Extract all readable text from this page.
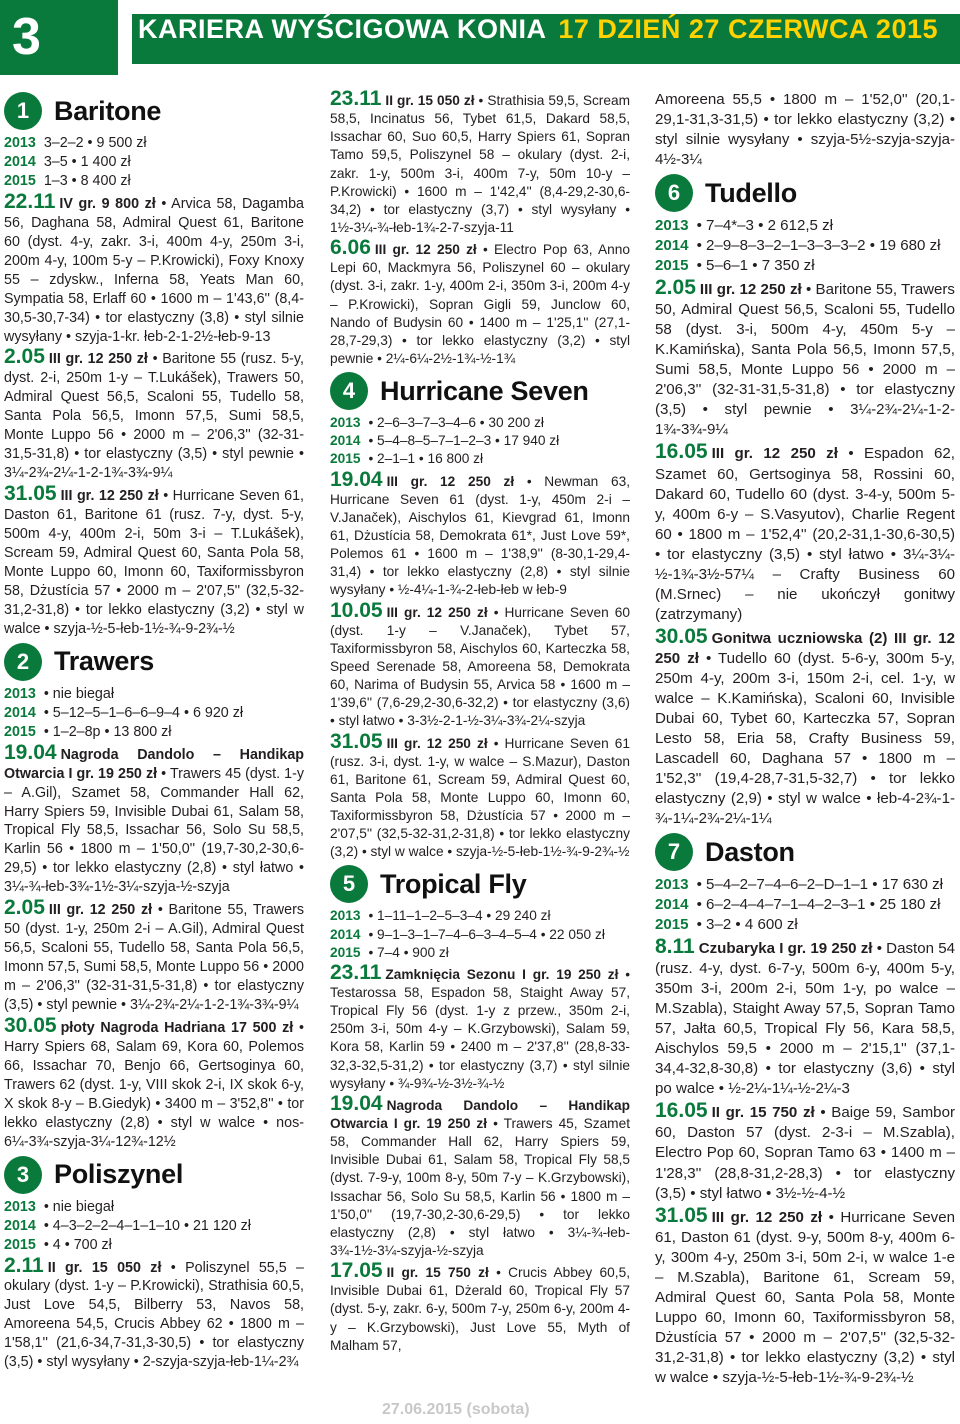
3	KARIERA WYŚCIGOWA KONIA 17 DZIEŃ 27 CZERWCA 2015
1 Baritone
2013 3–2–2 • 9 500 zł
2014 3–5 • 1 400 zł
2015 1–3 • 8 400 zł
22.11 IV gr. 9 800 zł • Arvica 58, Dagamba 56, Daghana 58, Admiral Quest 61, Baritone 60 (dyst. 4-y, zakr. 3-i, 400m 4-y, 250m 3-i, 200m 4-y, 100m 5-y – P.Krowicki), Foxy Knoxy 55 – zdyskw., Inferna 58, Yeats Man 60, Sympatia 58, Erlaff 60 • 1600 m – 1'43,6'' (8,4-30,5-30,7-34) • tor elastyczny (3,8) • styl silnie wysyłany • szyja-1-kr. łeb-2-1-2½-łeb-9-13
2.05 III gr. 12 250 zł • Baritone 55 (rusz. 5-y, dyst. 2-i, 250m 1-y – T.Lukášek), Trawers 50, Admiral Quest 56,5, Scaloni 55, Tudello 58, Santa Pola 56,5, Imonn 57,5, Sumi 58,5, Monte Luppo 56 • 2000 m – 2'06,3'' (32-31-31,5-31,8) • tor elastyczny (3,5) • styl pewnie • 3¼-2¾-2¼-1-2-1¾-3¾-9¼
31.05 III gr. 12 250 zł • Hurricane Seven 61, Daston 61, Baritone 61 (rusz. 7-y, dyst. 5-y, 500m 4-y, 400m 2-i, 50m 3-i – T.Lukášek), Scream 59, Admiral Quest 60, Santa Pola 58, Monte Luppo 60, Imonn 60, Taxiformissbyron 58, Dżustícia 57 • 2000 m – 2'07,5'' (32,5-32-31,2-31,8) • tor lekko elastyczny (3,2) • styl w walce • szyja-½-5-łeb-1½-¾-9-2¾-½
2 Trawers
2013 • nie biegał
2014 • 5–12–5–1–6–6–9–4 • 6 920 zł
2015 • 1–2–8p • 13 800 zł
19.04 Nagroda Dandolo – Handikap Otwarcia I gr. 19 250 zł • Trawers 45 (dyst. 1-y – A.Gil), Szamet 58, Commander Hall 62, Harry Spiers 59, Invisible Dubai 61, Salam 58, Tropical Fly 58,5, Issachar 56, Solo Su 58,5, Karlin 56 • 1800 m – 1'50,0'' (19,7-30,2-30,6-29,5) • tor lekko elastyczny (2,8) • styl łatwo • 3¼-¾-łeb-3¾-1½-3¼-szyja-½-szyja
2.05 III gr. 12 250 zł • Baritone 55, Trawers 50 (dyst. 1-y, 250m 2-i – A.Gil), Admiral Quest 56,5, Scaloni 55, Tudello 58, Santa Pola 56,5, Imonn 57,5, Sumi 58,5, Monte Luppo 56 • 2000 m – 2'06,3'' (32-31-31,5-31,8) • tor elastyczny (3,5) • styl pewnie • 3¼-2¾-2¼-1-2-1¾-3¾-9¼
30.05 płoty Nagroda Hadriana 17 500 zł • Harry Spiers 68, Salam 69, Kora 60, Polemos 66, Issachar 70, Benjo 66, Gertsoginya 60, Trawers 62 (dyst. 1-y, VIII skok 2-i, IX skok 6-y, X skok 8-y – B.Giedyk) • 3400 m – 3'52,8'' • tor lekko elastyczny (2,8) • styl w walce • nos-6¼-3¾-szyja-3¼-12¾-12½
3 Poliszynel
2013 • nie biegał
2014 • 4–3–2–2–4–1–1–10 • 21 120 zł
2015 • 4 • 700 zł
2.11 II gr. 15 050 zł • Poliszynel 55,5 – okulary (dyst. 1-y – P.Krowicki), Strathisia 60,5, Just Love 54,5, Bilberry 53, Navos 58, Amoreena 54,5, Crucis Abbey 62 • 1800 m – 1'58,1'' (21,6-34,7-31,3-30,5) • tor elastyczny (3,5) • styl wysyłany • 2-szyja-szyja-łeb-1¼-2¾
23.11 II gr. 15 050 zł • Strathisia 59,5, Scream 58,5, Incinatus 56, Tybet 61,5, Dakard 58,5, Issachar 60, Suo 60,5, Harry Spiers 61, Sopran Tamo 59,5, Poliszynel 58 – okulary (dyst. 2-i, zakr. 1-y, 500m 3-i, 400m 7-y, 50m 10-y – P.Krowicki) • 1600 m – 1'42,4'' (8,4-29,2-30,6-34,2) • tor elastyczny (3,7) • styl wysyłany • 1½-3¼-¾-łeb-1¾-2-7-szyja-11
6.06 III gr. 12 250 zł • Electro Pop 63, Anno Lepi 60, Mackmyra 56, Poliszynel 60 – okulary (dyst. 3-i, zakr. 1-y, 400m 2-i, 350m 3-i, 200m 4-y – P.Krowicki), Sopran Gigli 59, Junclow 60, Nando of Budysin 60 • 1400 m – 1'25,1'' (27,1-28,7-29,3) • tor lekko elastyczny (3,2) • styl pewnie • 2¼-6¼-2½-1¾-½-1¾
4 Hurricane Seven
2013 • 2–6–3–7–3–4–6 • 30 200 zł
2014 • 5–4–8–5–7–1–2–3 • 17 940 zł
2015 • 2–1–1 • 16 800 zł
19.04 III gr. 12 250 zł • Newman 63, Hurricane Seven 61 (dyst. 1-y, 450m 2-i – V.Janaček), Aischylos 61, Kievgrad 61, Imonn 61, Dżustícia 58, Demokrata 61*, Just Love 59*, Polemos 61 • 1600 m – 1'38,9'' (8-30,1-29,4-31,4) • tor lekko elastyczny (2,8) • styl silnie wysyłany • ½-4¼-1-¾-2-łeb-łeb w łeb-9
10.05 III gr. 12 250 zł • Hurricane Seven 60 (dyst. 1-y – V.Janaček), Tybet 57, Taxiformissbyron 58, Aischylos 60, Karteczka 58, Speed Serenade 58, Amoreena 58, Demokrata 60, Narima of Budysin 55, Arvica 58 • 1600 m – 1'39,6'' (7,6-29,2-30,6-32,2) • tor elastyczny (3,6) • styl łatwo • 3-3½-2-1-½-3¼-3¾-2¼-szyja
31.05 III gr. 12 250 zł • Hurricane Seven 61 (rusz. 3-i, dyst. 1-y, w walce – S.Mazur), Daston 61, Baritone 61, Scream 59, Admiral Quest 60, Santa Pola 58, Monte Luppo 60, Imonn 60, Taxiformissbyron 58, Dżustícia 57 • 2000 m – 2'07,5'' (32,5-32-31,2-31,8) • tor lekko elastyczny (3,2) • styl w walce • szyja-½-5-łeb-1½-¾-9-2¾-½
5 Tropical Fly
2013 • 1–11–1–2–5–3–4 • 29 240 zł
2014 • 9–1–3–1–7–4–6–3–4–5–4 • 22 050 zł
2015 • 7–4 • 900 zł
23.11 Zamknięcia Sezonu I gr. 19 250 zł • Testarossa 58, Espadon 58, Staight Away 57, Tropical Fly 56 (dyst. 1-y z przew., 350m 2-i, 250m 3-i, 50m 4-y – K.Grzybowski), Salam 59, Kora 58, Karlin 59 • 2400 m – 2'37,8'' (28,8-33-32,3-32,5-31,2) • tor elastyczny (3,7) • styl silnie wysyłany • ¾-9¾-½-3½-¾-½
19.04 Nagroda Dandolo – Handikap Otwarcia I gr. 19 250 zł • Trawers 45, Szamet 58, Commander Hall 62, Harry Spiers 59, Invisible Dubai 61, Salam 58, Tropical Fly 58,5 (dyst. 7-9-y, 100m 8-y, 50m 7-y – K.Grzybowski), Issachar 56, Solo Su 58,5, Karlin 56 • 1800 m – 1'50,0'' (19,7-30,2-30,6-29,5) • tor lekko elastyczny (2,8) • styl łatwo • 3¼-¾-łeb-3¾-1½-3¼-szyja-½-szyja
17.05 II gr. 15 750 zł • Crucis Abbey 60,5, Invisible Dubai 61, Dżerald 60, Tropical Fly 57 (dyst. 5-y, zakr. 6-y, 500m 7-y, 250m 6-y, 200m 4-y – K.Grzybowski), Just Love 55, Myth of Malham 57,
Amoreena 55,5 • 1800 m – 1'52,0'' (20,1-29,1-31,3-31,5) • tor lekko elastyczny (3,2) • styl silnie wysyłany • szyja-5½-szyja-szyja-4½-3¼
6 Tudello
2013 • 7–4*–3 • 2 612,5 zł
2014 • 2–9–8–3–2–1–3–3–3–2 • 19 680 zł
2015 • 5–6–1 • 7 350 zł
2.05 III gr. 12 250 zł • Baritone 55, Trawers 50, Admiral Quest 56,5, Scaloni 55, Tudello 58 (dyst. 3-i, 500m 4-y, 450m 5-y – K.Kamińska), Santa Pola 56,5, Imonn 57,5, Sumi 58,5, Monte Luppo 56 • 2000 m – 2'06,3'' (32-31-31,5-31,8) • tor elastyczny (3,5) • styl pewnie • 3¼-2¾-2¼-1-2-1¾-3¾-9¼
16.05 III gr. 12 250 zł • Espadon 62, Szamet 60, Gertsoginya 58, Rossini 60, Dakard 60, Tudello 60 (dyst. 3-4-y, 500m 5-y, 400m 6-y – S.Vasyutov), Charlie Regent 60 • 1800 m – 1'52,4'' (20,2-31,1-30,6-30,5) • tor elastyczny (3,5) • styl łatwo • 3¼-3¼-½-1¾-3½-57¼ – Crafty Business 60 (M.Srnec) – nie ukończył gonitwy (zatrzymany)
30.05 Gonitwa uczniowska (2) III gr. 12 250 zł • Tudello 60 (dyst. 5-6-y, 300m 5-y, 250m 4-y, 200m 3-i, 150m 2-i, cel. 1-y, w walce – K.Kamińska), Scaloni 60, Invisible Dubai 60, Tybet 60, Karteczka 57, Sopran Lesto 58, Eria 58, Crafty Business 59, Lascadell 60, Daghana 57 • 1800 m – 1'52,3'' (19,4-28,7-31,5-32,7) • tor lekko elastyczny (2,9) • styl w walce • łeb-4-2¾-1-¾-1¼-2¾-2¼-1¼
7 Daston
2013 • 5–4–2–7–4–6–2–D–1–1 • 17 630 zł
2014 • 6–2–4–4–7–1–4–2–3–1 • 25 180 zł
2015 • 3–2 • 4 600 zł
8.11 Czubaryka I gr. 19 250 zł • Daston 54 (rusz. 4-y, dyst. 6-7-y, 500m 6-y, 400m 5-y, 350m 3-i, 200m 2-i, 50m 1-y, po walce – M.Szabla), Staight Away 57,5, Sopran Tamo 57, Jałta 60,5, Tropical Fly 56, Kara 58,5, Aischylos 59,5 • 2000 m – 2'15,1'' (37,1-34,4-32,8-30,8) • tor elastyczny (3,6) • styl po walce • ½-2¼-1¼-½-2¼-3
16.05 II gr. 15 750 zł • Baige 59, Sambor 60, Daston 57 (dyst. 2-3-i – M.Szabla), Electro Pop 60, Sopran Tamo 63 • 1400 m – 1'28,3'' (28,8-31,2-28,3) • tor elastyczny (3,5) • styl łatwo • 3½-½-4-½
31.05 III gr. 12 250 zł • Hurricane Seven 61, Daston 61 (dyst. 9-y, 500m 8-y, 400m 6-y, 300m 4-y, 250m 3-i, 50m 2-i, w walce 1-e – M.Szabla), Baritone 61, Scream 59, Admiral Quest 60, Santa Pola 58, Monte Luppo 60, Imonn 60, Taxiformissbyron 58, Dżustícia 57 • 2000 m – 2'07,5'' (32,5-32-31,2-31,8) • tor lekko elastyczny (3,2) • styl w walce • szyja-½-5-łeb-1½-¾-9-2¾-½
27.06.2015 (sobota)
